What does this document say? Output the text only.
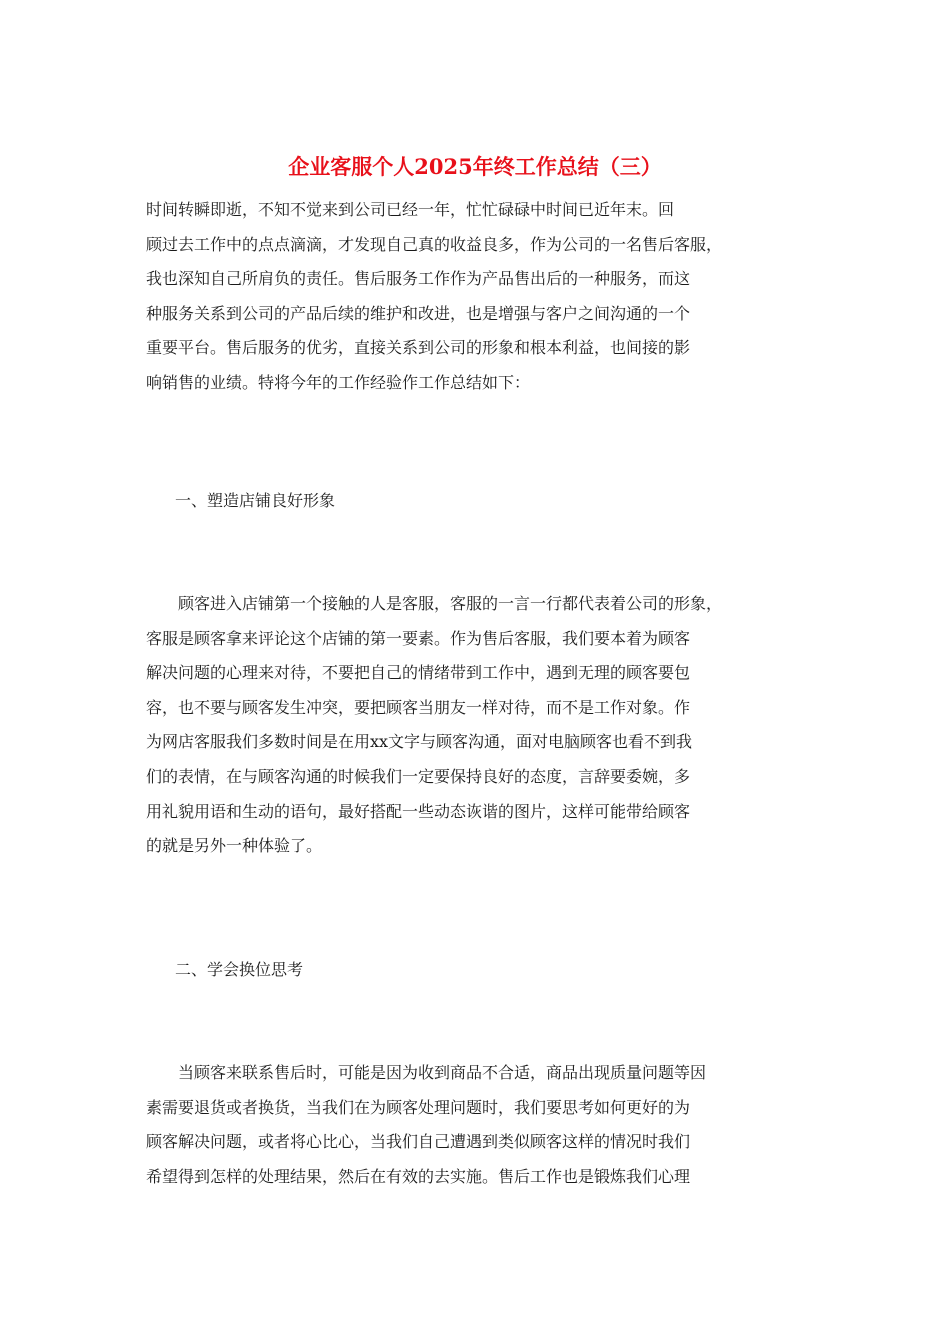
企业客服个人2025年终工作总结（三）

时间转瞬即逝，不知不觉来到公司已经一年，忙忙碌碌中时间已近年末。回
顾过去工作中的点点滴滴，才发现自己真的收益良多，作为公司的一名售后客服，
我也深知自己所肩负的责任。售后服务工作作为产品售出后的一种服务，而这
种服务关系到公司的产品后续的维护和改进，也是增强与客户之间沟通的一个
重要平台。售后服务的优劣，直接关系到公司的形象和根本利益，也间接的影
响销售的业绩。特将今年的工作经验作工作总结如下：

一、塑造店铺良好形象

　　顾客进入店铺第一个接触的人是客服，客服的一言一行都代表着公司的形象，
客服是顾客拿来评论这个店铺的第一要素。作为售后客服，我们要本着为顾客
解决问题的心理来对待，不要把自己的情绪带到工作中，遇到无理的顾客要包
容，也不要与顾客发生冲突，要把顾客当朋友一样对待，而不是工作对象。作
为网店客服我们多数时间是在用xx文字与顾客沟通，面对电脑顾客也看不到我
们的表情，在与顾客沟通的时候我们一定要保持良好的态度，言辞要委婉，多
用礼貌用语和生动的语句，最好搭配一些动态诙谐的图片，这样可能带给顾客
的就是另外一种体验了。

二、学会换位思考

　　当顾客来联系售后时，可能是因为收到商品不合适，商品出现质量问题等因
素需要退货或者换货，当我们在为顾客处理问题时，我们要思考如何更好的为
顾客解决问题，或者将心比心，当我们自己遭遇到类似顾客这样的情况时我们
希望得到怎样的处理结果，然后在有效的去实施。售后工作也是锻炼我们心理
